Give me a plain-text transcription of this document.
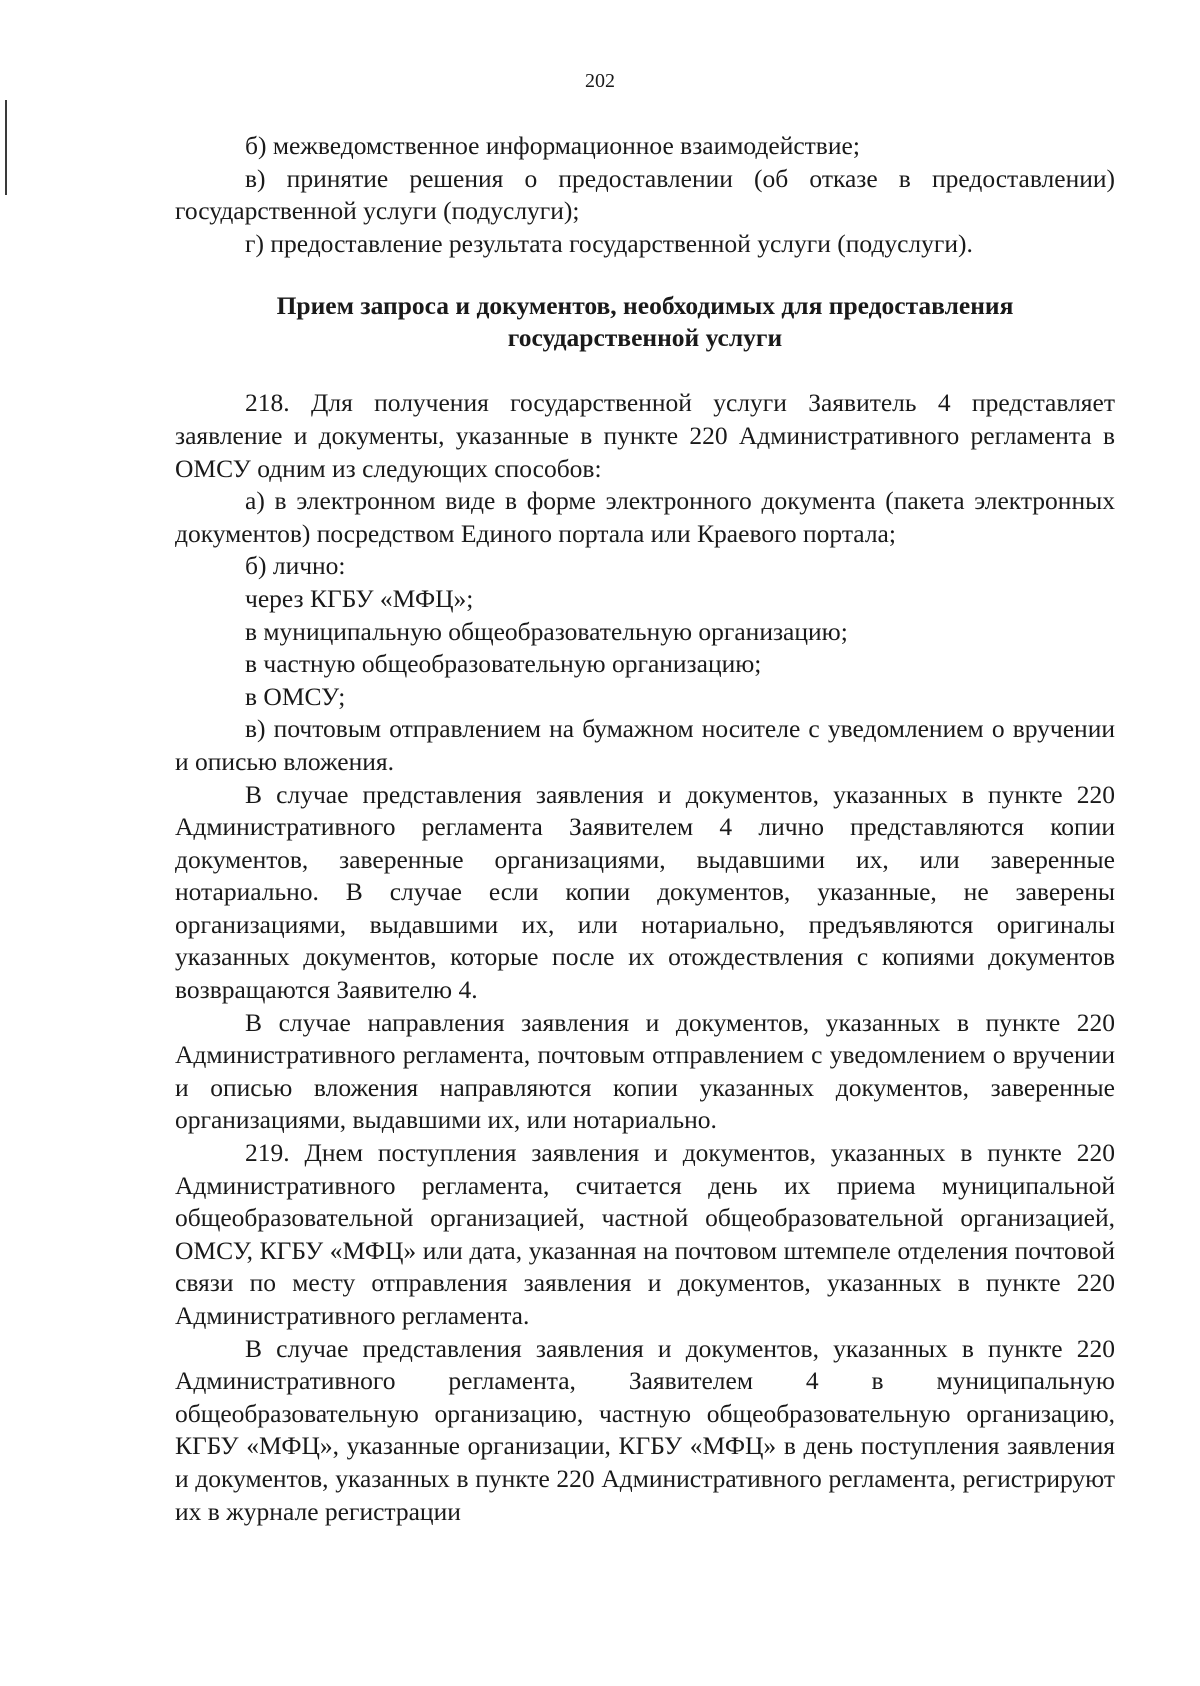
202

б) межведомственное информационное взаимодействие;

в) принятие решения о предоставлении (об отказе в предоставлении) государственной услуги (подуслуги);

г) предоставление результата государственной услуги (подуслуги).

Прием запроса и документов, необходимых для предоставления государственной услуги

218. Для получения государственной услуги Заявитель 4 представляет заявление и документы, указанные в пункте 220 Административного регламента в ОМСУ одним из следующих способов:

а) в электронном виде в форме электронного документа (пакета электронных документов) посредством Единого портала или Краевого портала;

б) лично:

через КГБУ «МФЦ»;

в муниципальную общеобразовательную организацию;

в частную общеобразовательную организацию;

в ОМСУ;

в) почтовым отправлением на бумажном носителе с уведомлением о вручении и описью вложения.

В случае представления заявления и документов, указанных в пункте 220 Административного регламента Заявителем 4 лично представляются копии документов, заверенные организациями, выдавшими их, или заверенные нотариально. В случае если копии документов, указанные, не заверены организациями, выдавшими их, или нотариально, предъявляются оригиналы указанных документов, которые после их отождествления с копиями документов возвращаются Заявителю 4.

В случае направления заявления и документов, указанных в пункте 220 Административного регламента, почтовым отправлением с уведомлением о вручении и описью вложения направляются копии указанных документов, заверенные организациями, выдавшими их, или нотариально.

219. Днем поступления заявления и документов, указанных в пункте 220 Административного регламента, считается день их приема муниципальной общеобразовательной организацией, частной общеобразовательной организацией, ОМСУ, КГБУ «МФЦ» или дата, указанная на почтовом штемпеле отделения почтовой связи по месту отправления заявления и документов, указанных в пункте 220 Административного регламента.

В случае представления заявления и документов, указанных в пункте 220 Административного регламента, Заявителем 4 в муниципальную общеобразовательную организацию, частную общеобразовательную организацию, КГБУ «МФЦ», указанные организации, КГБУ «МФЦ» в день поступления заявления и документов, указанных в пункте 220 Административного регламента, регистрируют их в журнале регистрации
